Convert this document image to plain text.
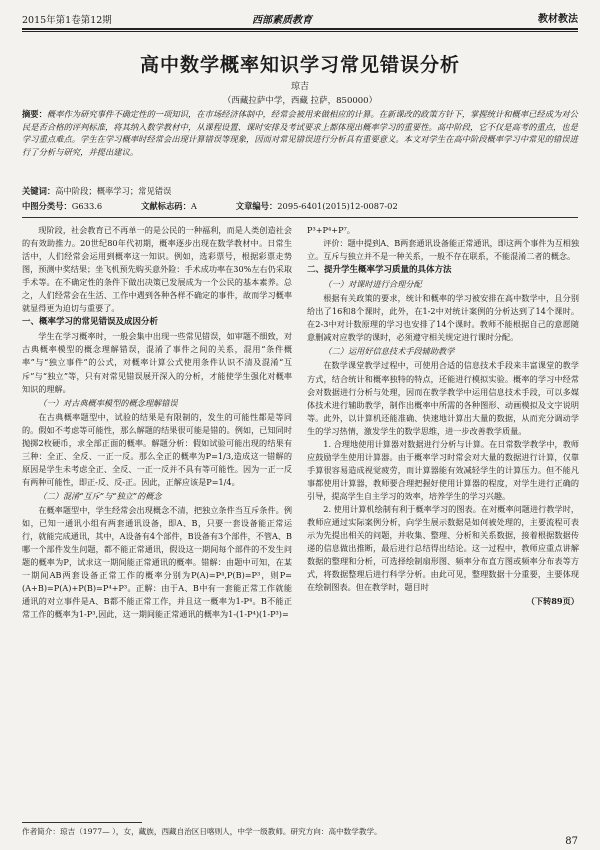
2015年第1卷第12期	西部素质教育	教材教法
高中数学概率知识学习常见错误分析
琼吉
（西藏拉萨中学，西藏 拉萨，850000）
摘要：概率作为研究事件不确定性的一项知识，在市场经济体制中，经常会被用来做相应的计算。在新课改的政策方针下，掌握统计和概率已经成为对公民是否合格的评判标准，将其纳入数学教材中，从课程设置、课时安排及考试要求上都体现出概率学习的重要性。高中阶段，它不仅是高考的重点，也是学习重点难点。学生在学习概率时经常会出现计算错误等现象，因而对常见错误进行分析具有重要意义。本文对学生在高中阶段概率学习中常见的错误进行了分析与研究，并提出建议。
关键词：高中阶段；概率学习；常见错误
中图分类号：G633.6	文献标志码：A	文章编号：2095-6401(2015)12-0087-02

现阶段，社会教育已不再单一的是公民的一种福利，而是人类创造社会的有效助推力。20世纪80年代初期，概率逐步出现在数学教材中。日常生活中，人们经常会运用到概率这一知识。例如，选彩票号，根据彩票走势图，预测中奖结果；坐飞机预先购买意外险：手术成功率在30%左右仍采取手术等。在不确定性的条件下做出决策已发展成为一个公民的基本素养。总之，人们经常会在生活、工作中遇到各种各样不确定的事件，故而学习概率就显得更为迫切与重要了。

一、概率学习的常见错误及成因分析

学生在学习概率时，一般会集中出现一些常见错误，如审题不细致，对古典概率模型的概念理解错误，混淆了事件之间的关系，混用“条件概率”与“独立事件”的公式，对概率计算公式使用条件认识不清及混淆“互斥”与“独立”等，只有对常见错误展开深入的分析，才能使学生强化对概率知识的理解。

（一）对古典概率模型的概念理解错误

在古典概率题型中，试验的结果是有限制的，发生的可能性都是等同的。假如不考虑等可能性，那么解题的结果很可能是错的。例如，已知同时抛掷2枚硬币，求全部正面的概率。解题分析：假如试验可能出现的结果有三种：全正、全反、一正一反。那么全正的概率为P=1/3,造成这一错解的原因是学生未考虑全正、全反、一正一反并不具有等可能性。因为一正一反有两种可能性，即正-反、反-正。因此，正解应该是P=1/4。

（二）混淆“互斥”与“独立”的概念

在概率题型中，学生经常会出现概念不清，把独立条件当互斥条件。例如，已知一通讯小组有两套通讯设备，即A、B，只要一套设备能正常运行，就能完成通讯，其中，A设备有4个部件，B设备有3个部件，不管A、B哪一个部件发生问题，都不能正常通讯，假设这一期间每个部件的不发生问题的概率为P，试求这一期间能正常通讯的概率。错解：由题中可知，在某一期间AB两套设备正常工作的概率分别为P(A)=P⁴,P(B)=P³，则P=(A+B)=P(A)+P(B)=P⁴+P³。正解：由于A、B中有一套能正常工作就能通讯的对立事件是A、B都不能正常工作，并且这一概率为1-P⁴。B不能正常工作的概率为1-P³,因此，这一期间能正常通讯的概率为1-(1-P⁴)(1-P³)=

P³+P⁴+P⁷。

评价：题中提到A、B两套通讯设备能正常通讯，即这两个事件为互相独立。互斥与独立并不是一种关系，一般不存在联系，不能混淆二者的概念。

二、提升学生概率学习质量的具体方法
（一）对课时进行合理分配

根据有关政策的要求，统计和概率的学习被安排在高中数学中，且分别给出了16和8个课时，此外，在1-2中对统计案例的分析达到了14个课时。在2-3中对计数原理的学习也安排了14个课时。教师不能根据自己的意愿随意删减对应教学的课时，必须遵守相关规定进行课时分配。

（二）运用好信息技术手段辅助教学

在数学课堂教学过程中，可使用合适的信息技术手段来丰富课堂的教学方式，结合统计和概率独特的特点，还能进行模拟实验。概率的学习中经常会对数据进行分析与处理，因而在教学教学中运用信息技术手段，可以多媒体技术进行辅助教学，制作出概率中所需的各种图形、动画模拟及文字说明等。此外，以计算机还能准确、快速地计算出大量的数据，从而充分调动学生的学习热情，激发学生的数学思维，进一步改善教学质量。

1. 合理地使用计算器对数据进行分析与计算。在日常数学教学中，教师应鼓励学生使用计算器。由于概率学习时常会对大量的数据进行计算，仅靠手算很容易造成视觉疲劳，而计算器能有效减轻学生的计算压力。但不能凡事都使用计算器，教师要合理把握好使用计算器的程度，对学生进行正确的引导，提高学生自主学习的效率，培养学生的学习兴趣。

2. 使用计算机绘制有利于概率学习的图表。在对概率问题进行教学时，教师应通过实际案例分析，向学生展示数据是如何被处理的，主要流程可表示为先提出相关的问题，并收集、整理、分析和关系数据，接着根据数据传递的信息做出推断，最后进行总结得出结论。这一过程中，教师应重点讲解数据的整理和分析，可选择绘制扇形图、频率分布直方图或频率分布表等方式，将数据整理后进行科学分析。由此可见，整理数据十分重要，主要体现在绘制图表。但在教学时，题目时

（下转89页）
作者简介：琼吉（1977— ），女，藏族，西藏自治区日喀则人，中学一级教师。研究方向：高中数学教学。
87
